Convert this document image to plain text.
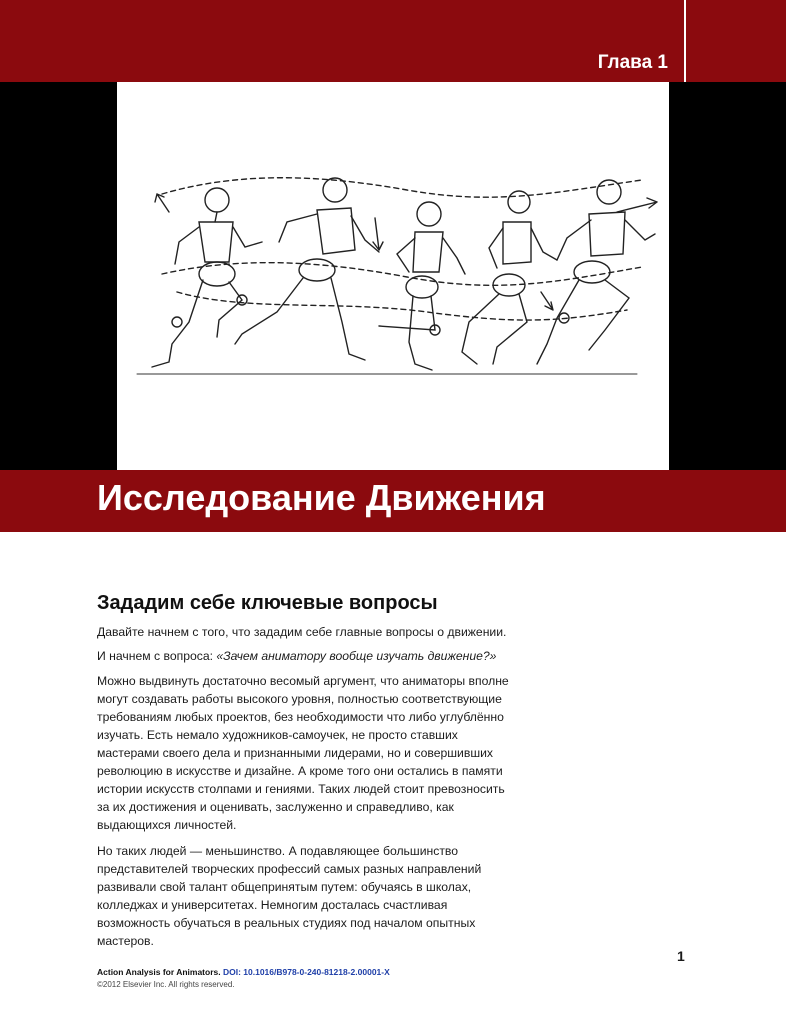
Глава 1
Исследование Движения
Зададим себе ключевые вопросы

Давайте начнем с того, что зададим себе главные вопросы о движении.

И начнем с вопроса: «Зачем аниматору вообще изучать движение?»

Можно выдвинуть достаточно весомый аргумент, что аниматоры вполне могут создавать работы высокого уровня, полностью соответствующие требованиям любых проектов, без необходимости что либо углублённо изучать. Есть немало художников-самоучек, не просто ставших мастерами своего дела и признанными лидерами, но и совершивших революцию в искусстве и дизайне. А кроме того они остались в памяти истории искусств столпами и гениями. Таких людей стоит превозносить за их достижения и оценивать, заслуженно и справедливо, как выдающихся личностей.

Но таких людей — меньшинство. А подавляющее большинство представителей творческих профессий самых разных направлений развивали свой талант общепринятым путем: обучаясь в школах, колледжах и университетах. Немногим досталась счастливая возможность обучаться в реальных студиях под началом опытных мастеров.

1
Action Analysis for Animators. DOI: 10.1016/B978-0-240-81218-2.00001-X
©2012 Elsevier Inc. All rights reserved.
